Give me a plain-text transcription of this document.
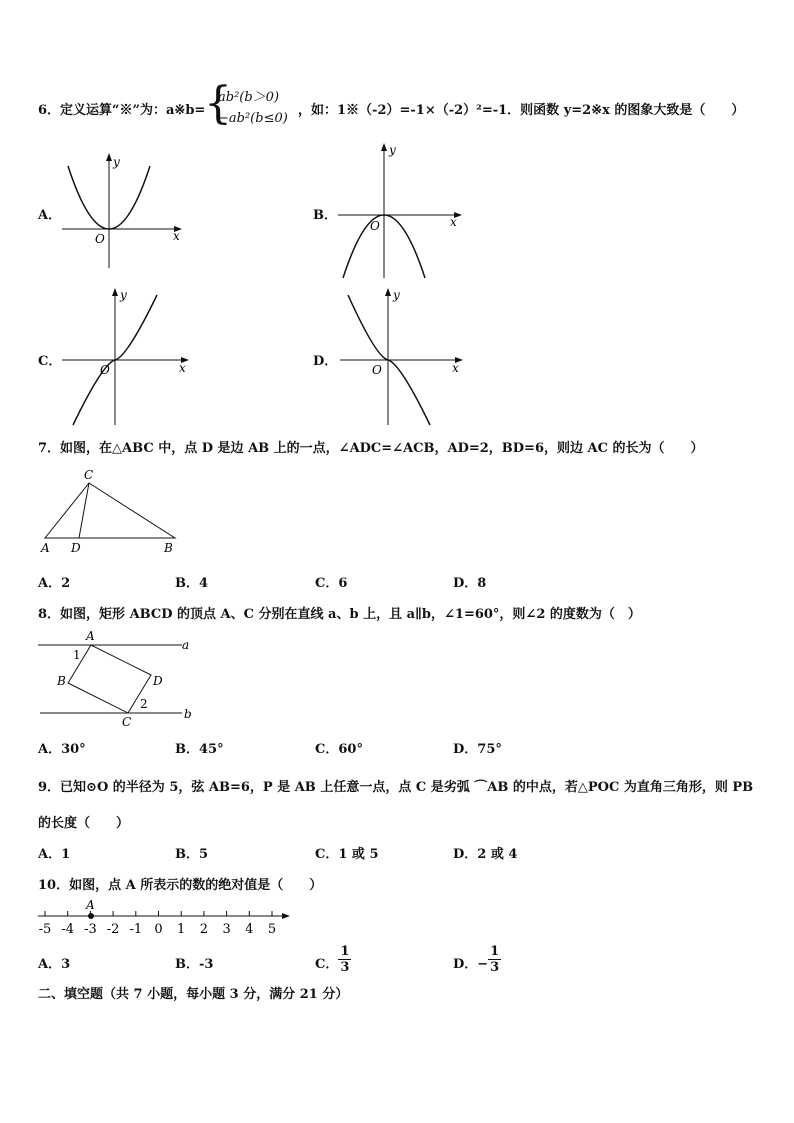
6．定义运算“※”为：a※b=
{
ab²(b＞0)
−ab²(b≤0)
，如：1※（-2）=-1×（-2）²=-1．则函数 y=2※x 的图象大致是（　　）
A．	B．
C．	D．
y
x
O
y
x
O
y
x
O
y
x
O
7．如图，在△ABC 中，点 D 是边 AB 上的一点，∠ADC=∠ACB，AD=2，BD=6，则边 AC 的长为（　　）
C
A D	B
A．2	B．4	C．6	D．8
8．如图，矩形 ABCD 的顶点 A、C 分别在直线 a、b 上，且 a∥b，∠1=60°，则∠2 的度数为（　）
A
B
C
D
a
b
1
2
A．30°	B．45°	C．60°	D．75°
9．已知⊙O 的半径为 5，弦 AB=6，P 是 AB 上任意一点，点 C 是劣弧 ⌒AB 的中点，若△POC 为直角三角形，则 PB
的长度（　　）
A．1	B．5	C．1 或 5	D．2 或 4
10．如图，点 A 所表示的数的绝对值是（　　）
-5 -4 -3 -2 -1 0 1 2 3 4 5
A
A．3	B．-3	C． $\frac{1}{3}$	D．− $\frac{1}{3}$
二、填空题（共 7 小题，每小题 3 分，满分 21 分）
